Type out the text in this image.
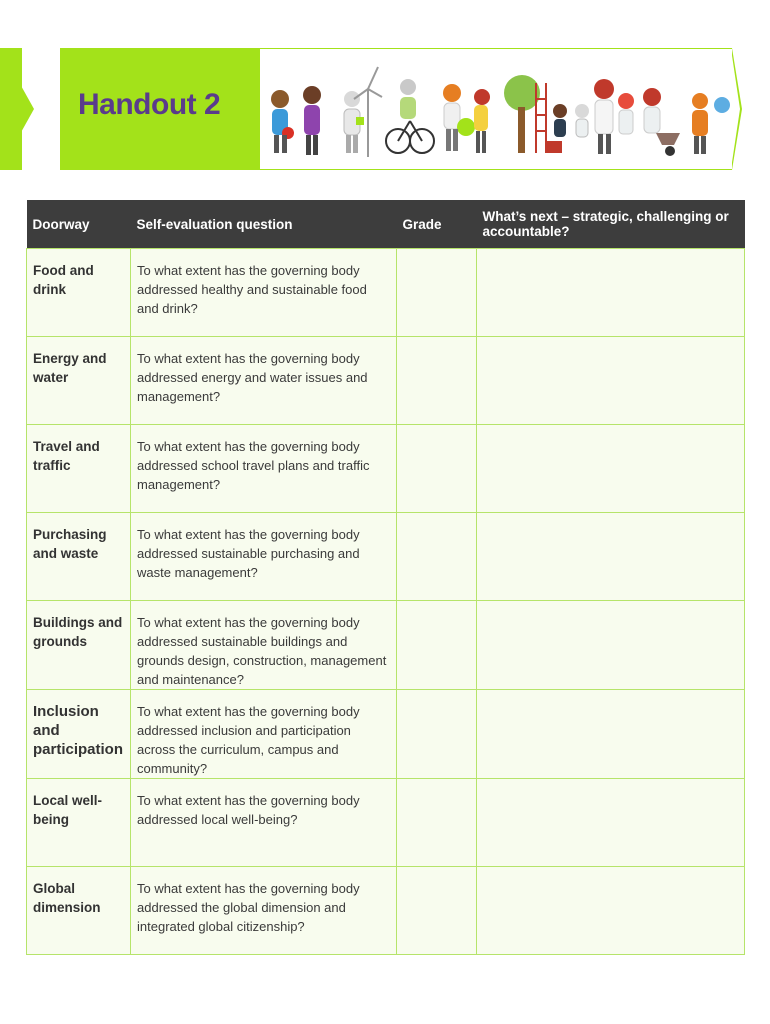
Handout 2
Doorway	Self-evaluation question	Grade	What’s next – strategic, challenging or accountable?
Food and drink	To what extent has the governing body addressed healthy and sustainable food and drink?		
Energy and water	To what extent has the governing body addressed energy and water issues and management?		
Travel and traffic	To what extent has the governing body addressed school travel plans and traffic management?		
Purchasing and waste	To what extent has the governing body addressed sustainable purchasing and waste management?		
Buildings and grounds	To what extent has the governing body addressed sustainable buildings and grounds design, construction, management and maintenance?		
Inclusion and participation	To what extent has the governing body addressed inclusion and participation across the curriculum, campus and community?		
Local well-being	To what extent has the governing body addressed local well-being?		
Global dimension	To what extent has the governing body addressed the global dimension and integrated global citizenship?		
